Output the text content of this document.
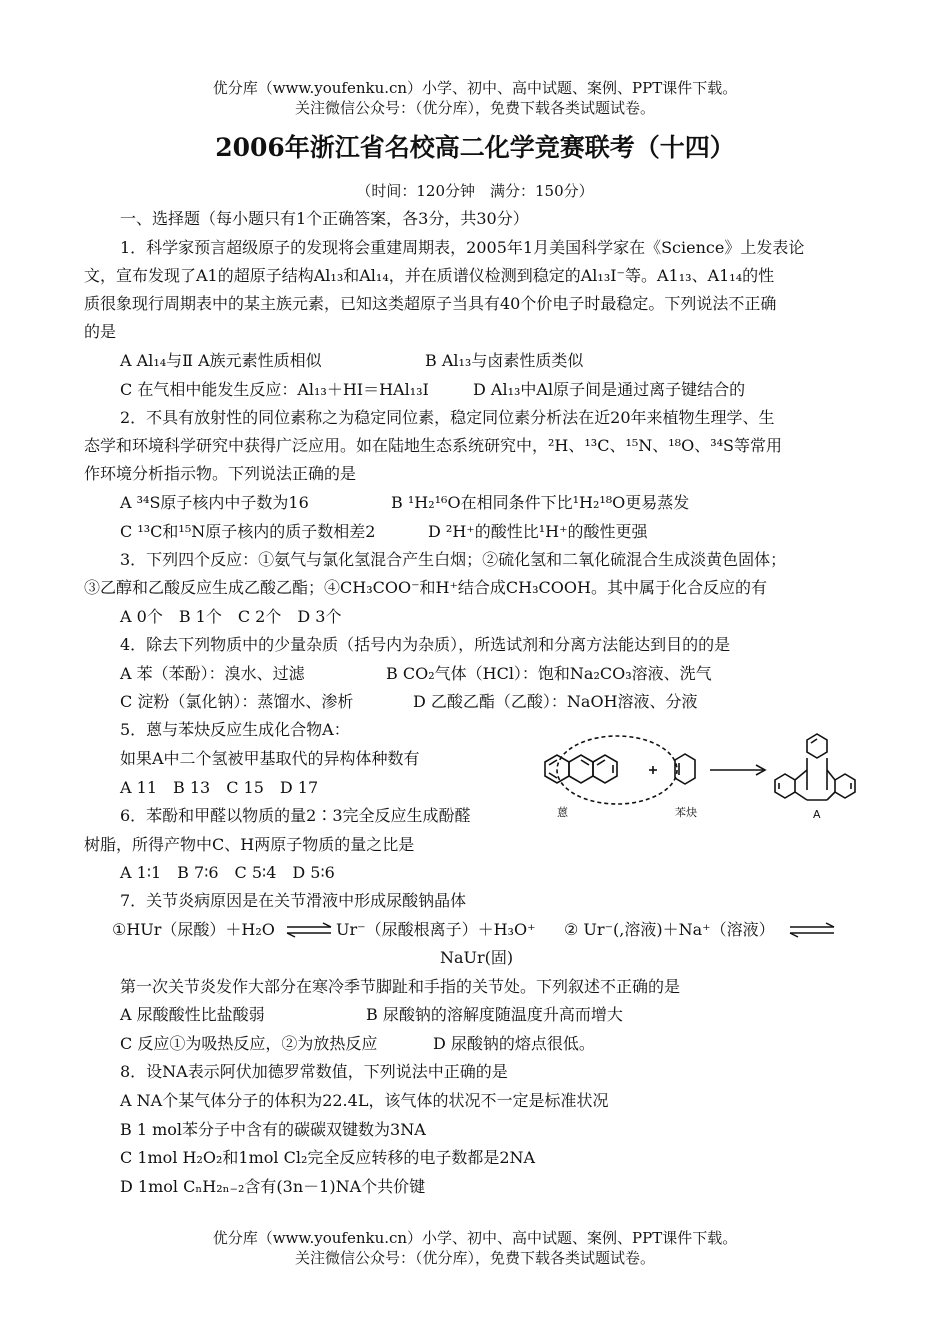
优分库（www.youfenku.cn）小学、初中、高中试题、案例、PPT课件下载。
关注微信公众号：（优分库），免费下载各类试题试卷。
2006年浙江省名校高二化学竞赛联考（十四）
（时间：120分钟　满分：150分）
一、选择题（每小题只有1个正确答案，各3分，共30分）
1．科学家预言超级原子的发现将会重建周期表，2005年1月美国科学家在《Science》上发表论
文，宣布发现了A1的超原子结构Al₁₃和Al₁₄，并在质谱仪检测到稳定的Al₁₃I⁻等。A1₁₃、A1₁₄的性
质很象现行周期表中的某主族元素，已知这类超原子当具有40个价电子时最稳定。下列说法不正确
的是
A Al₁₄与Ⅱ A族元素性质相似	B Al₁₃与卤素性质类似
C 在气相中能发生反应：Al₁₃＋HI＝HAl₁₃I	D Al₁₃中Al原子间是通过离子键结合的
2．不具有放射性的同位素称之为稳定同位素，稳定同位素分析法在近20年来植物生理学、生
态学和环境科学研究中获得广泛应用。如在陆地生态系统研究中，²H、¹³C、¹⁵N、¹⁸O、³⁴S等常用
作环境分析指示物。下列说法正确的是
A ³⁴S原子核内中子数为16	B ¹H₂¹⁶O在相同条件下比¹H₂¹⁸O更易蒸发
C ¹³C和¹⁵N原子核内的质子数相差2	D ²H⁺的酸性比¹H⁺的酸性更强
3．下列四个反应：①氨气与氯化氢混合产生白烟；②硫化氢和二氧化硫混合生成淡黄色固体；
③乙醇和乙酸反应生成乙酸乙酯；④CH₃COO⁻和H⁺结合成CH₃COOH。其中属于化合反应的有
A 0个　B 1个　C 2个　D 3个
4．除去下列物质中的少量杂质（括号内为杂质），所选试剂和分离方法能达到目的的是
A 苯（苯酚）：溴水、过滤	B CO₂气体（HCl）：饱和Na₂CO₃溶液、洗气
C 淀粉（氯化钠）：蒸馏水、渗析	D 乙酸乙酯（乙酸）：NaOH溶液、分液
5．蒽与苯炔反应生成化合物A：
如果A中二个氢被甲基取代的异构体种数有
A 11　B 13　C 15　D 17
蒽	苯炔	A
6．苯酚和甲醛以物质的量2∶3完全反应生成酚醛
树脂，所得产物中C、H两原子物质的量之比是
A 1∶1　B 7∶6　C 5∶4　D 5∶6
7．关节炎病原因是在关节滑液中形成尿酸钠晶体
①HUr（尿酸）＋H₂O ⇌ Ur⁻（尿酸根离子）＋H₃O⁺ ② Ur⁻(,溶液)＋Na⁺（溶液） ⇌
NaUr(固)
第一次关节炎发作大部分在寒冷季节脚趾和手指的关节处。下列叙述不正确的是
A 尿酸酸性比盐酸弱	B 尿酸钠的溶解度随温度升高而增大
C 反应①为吸热反应，②为放热反应	D 尿酸钠的熔点很低。
8．设NA表示阿伏加德罗常数值，下列说法中正确的是
A NA个某气体分子的体积为22.4L，该气体的状况不一定是标准状况
B 1 mol苯分子中含有的碳碳双键数为3NA
C 1mol H₂O₂和1mol Cl₂完全反应转移的电子数都是2NA
D 1mol CₙH₂ₙ₋₂含有(3n－1)NA个共价键
优分库（www.youfenku.cn）小学、初中、高中试题、案例、PPT课件下载。
关注微信公众号：（优分库），免费下载各类试题试卷。
